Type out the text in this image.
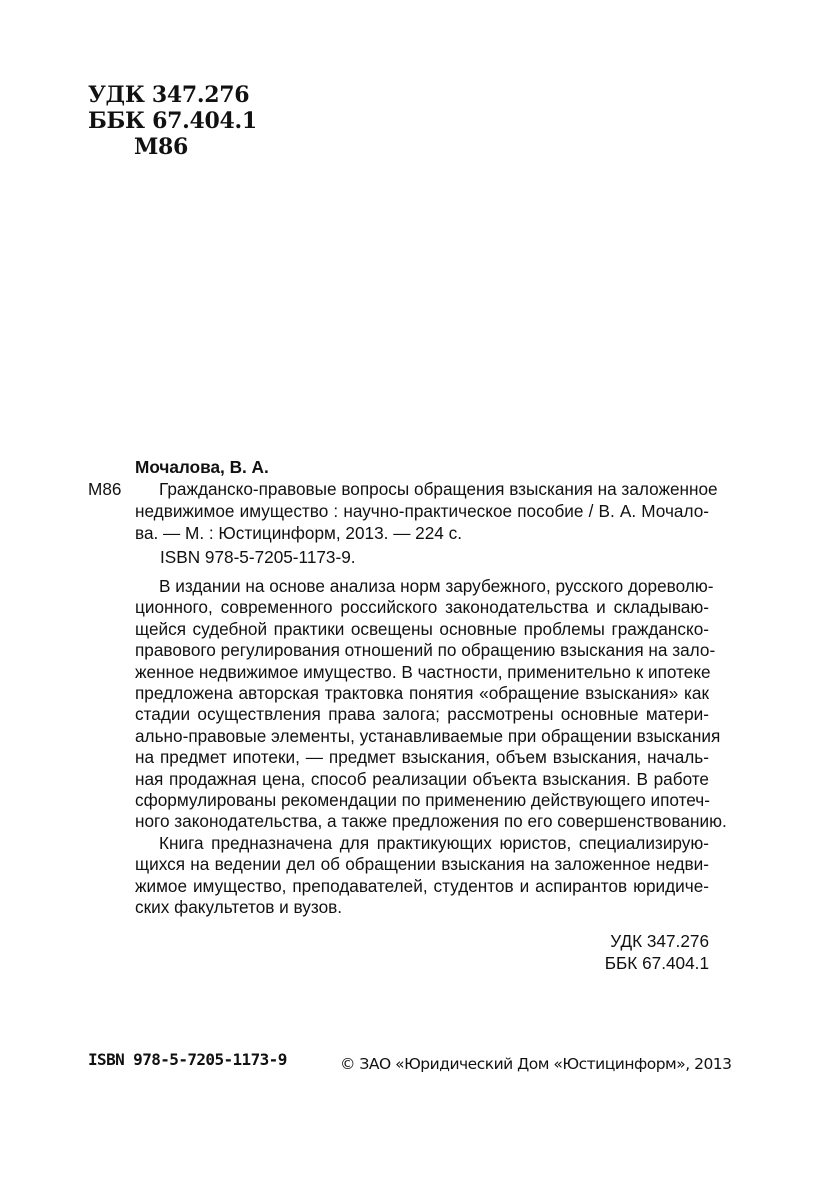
УДК 347.276
ББК 67.404.1
М86
Мочалова, В. А.
М86	Гражданско-правовые вопросы обращения взыскания на заложенное
недвижимое имущество : научно-практическое пособие / В. А. Мочало-
ва. — М. : Юстицинформ, 2013. — 224 с.
ISBN 978-5-7205-1173-9.
В издании на основе анализа норм зарубежного, русского дореволю-
ционного, современного российского законодательства и складываю-
щейся судебной практики освещены основные проблемы гражданско-
правового регулирования отношений по обращению взыскания на зало-
женное недвижимое имущество. В частности, применительно к ипотеке
предложена авторская трактовка понятия «обращение взыскания» как
стадии осуществления права залога; рассмотрены основные матери-
ально-правовые элементы, устанавливаемые при обращении взыскания
на предмет ипотеки, — предмет взыскания, объем взыскания, началь-
ная продажная цена, способ реализации объекта взыскания. В работе
сформулированы рекомендации по применению действующего ипотеч-
ного законодательства, а также предложения по его совершенствованию.
Книга предназначена для практикующих юристов, специализирую-
щихся на ведении дел об обращении взыскания на заложенное недви-
жимое имущество, преподавателей, студентов и аспирантов юридиче-
ских факультетов и вузов.
УДК 347.276
ББК 67.404.1
ISBN 978-5-7205-1173-9	© ЗАО «Юридический Дом «Юстицинформ», 2013
